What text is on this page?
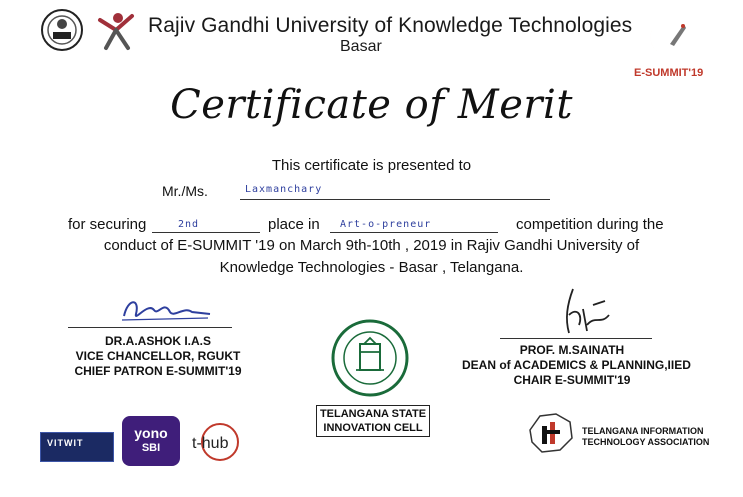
Rajiv Gandhi University of Knowledge Technologies
Basar
E-SUMMIT'19
Certificate of Merit
This certificate is presented to
Mr./Ms.	Laxmanchary
for securing	2nd	place in Art-o-preneur	competition during the
conduct of E-SUMMIT '19 on March 9th-10th , 2019 in Rajiv Gandhi University of
Knowledge Technologies - Basar , Telangana.
DR.A.ASHOK I.A.S
VICE CHANCELLOR, RGUKT
CHIEF PATRON E-SUMMIT'19
TELANGANA STATE
INNOVATION CELL
PROF. M.SAINATH
DEAN of ACADEMICS & PLANNING,IIED
CHAIR E-SUMMIT'19
VITWIT
yono
SBI	t-hub
TELANGANA INFORMATION
TECHNOLOGY ASSOCIATION
